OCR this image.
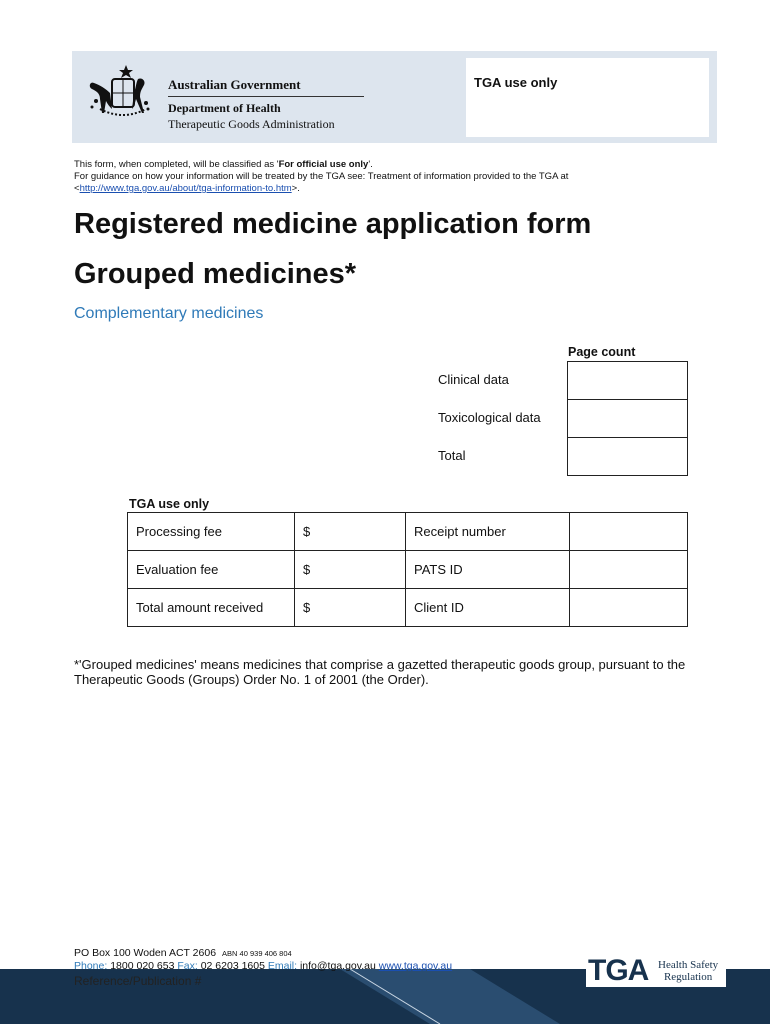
Australian Government
Department of Health
Therapeutic Goods Administration
TGA use only
This form, when completed, will be classified as 'For official use only'.
For guidance on how your information will be treated by the TGA see: Treatment of information provided to the TGA at
<http://www.tga.gov.au/about/tga-information-to.htm>.
Registered medicine application form
Grouped medicines*
Complementary medicines
Page count
Clinical data
Toxicological data
Total
TGA use only
Processing fee	$	Receipt number	
Evaluation fee	$	PATS ID	
Total amount received	$	Client ID	
*'Grouped medicines' means medicines that comprise a gazetted therapeutic goods group, pursuant to the Therapeutic Goods (Groups) Order No. 1 of 2001 (the Order).
PO Box 100 Woden ACT 2606 ABN 40 939 406 804
Phone: 1800 020 653 Fax: 02 6203 1605 Email: info@tga.gov.au www.tga.gov.au
Reference/Publication #	TGA Health Safety
Regulation
